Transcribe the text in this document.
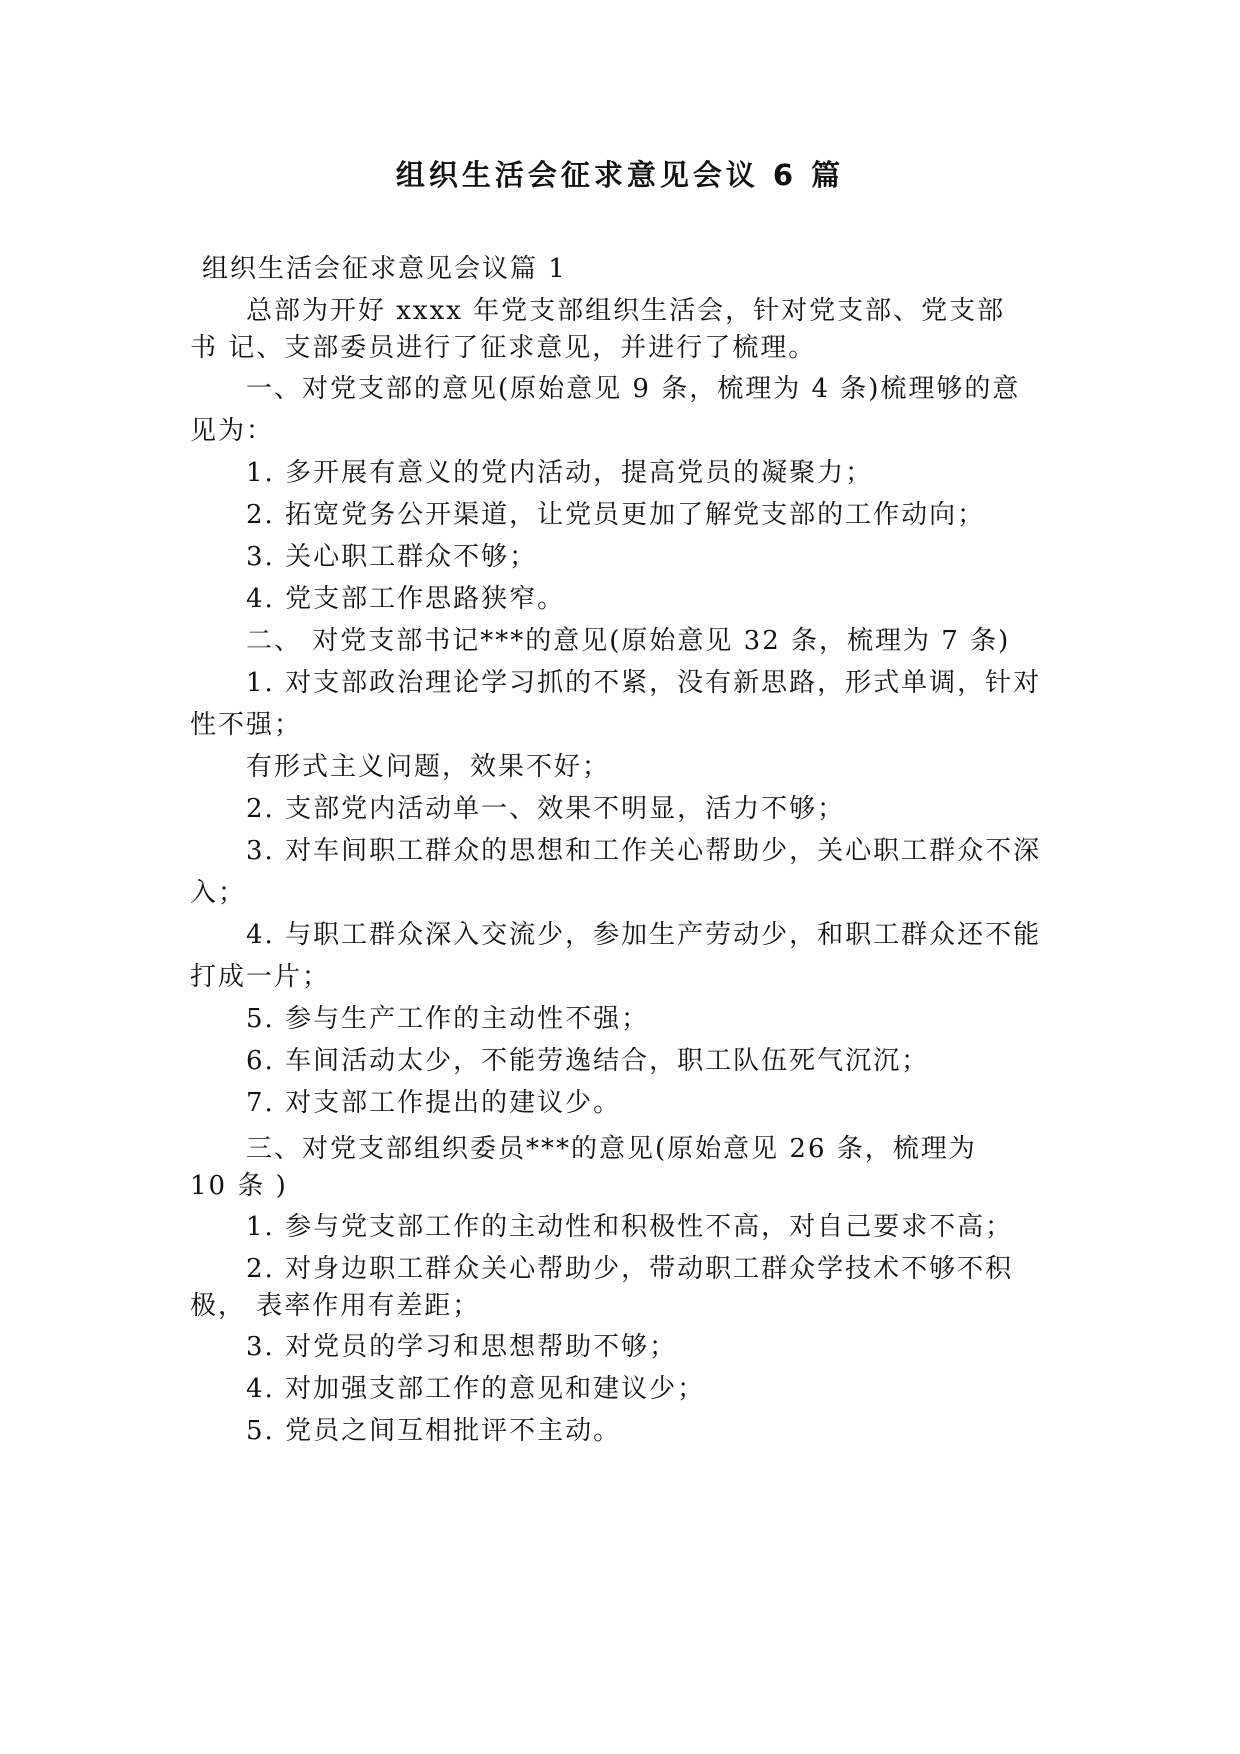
组织生活会征求意见会议 6 篇
组织生活会征求意见会议篇 1
总部为开好 xxxx 年党支部组织生活会，针对党支部、党支部
书 记、支部委员进行了征求意见，并进行了梳理。
一、对党支部的意见(原始意见 9 条，梳理为 4 条)梳理够的意
见为：
1. 多开展有意义的党内活动，提高党员的凝聚力；
2. 拓宽党务公开渠道，让党员更加了解党支部的工作动向；
3. 关心职工群众不够；
4. 党支部工作思路狭窄。
二、 对党支部书记***的意见(原始意见 32 条，梳理为 7 条)
1. 对支部政治理论学习抓的不紧，没有新思路，形式单调，针对
性不强；
有形式主义问题，效果不好；
2. 支部党内活动单一、效果不明显，活力不够；
3. 对车间职工群众的思想和工作关心帮助少，关心职工群众不深
入；
4. 与职工群众深入交流少，参加生产劳动少，和职工群众还不能
打成一片；
5. 参与生产工作的主动性不强；
6. 车间活动太少，不能劳逸结合，职工队伍死气沉沉；
7. 对支部工作提出的建议少。
三、对党支部组织委员***的意见(原始意见 26 条，梳理为
10 条 )
1. 参与党支部工作的主动性和积极性不高，对自己要求不高；
2. 对身边职工群众关心帮助少，带动职工群众学技术不够不积
极， 表率作用有差距；
3. 对党员的学习和思想帮助不够；
4. 对加强支部工作的意见和建议少；
5. 党员之间互相批评不主动。
